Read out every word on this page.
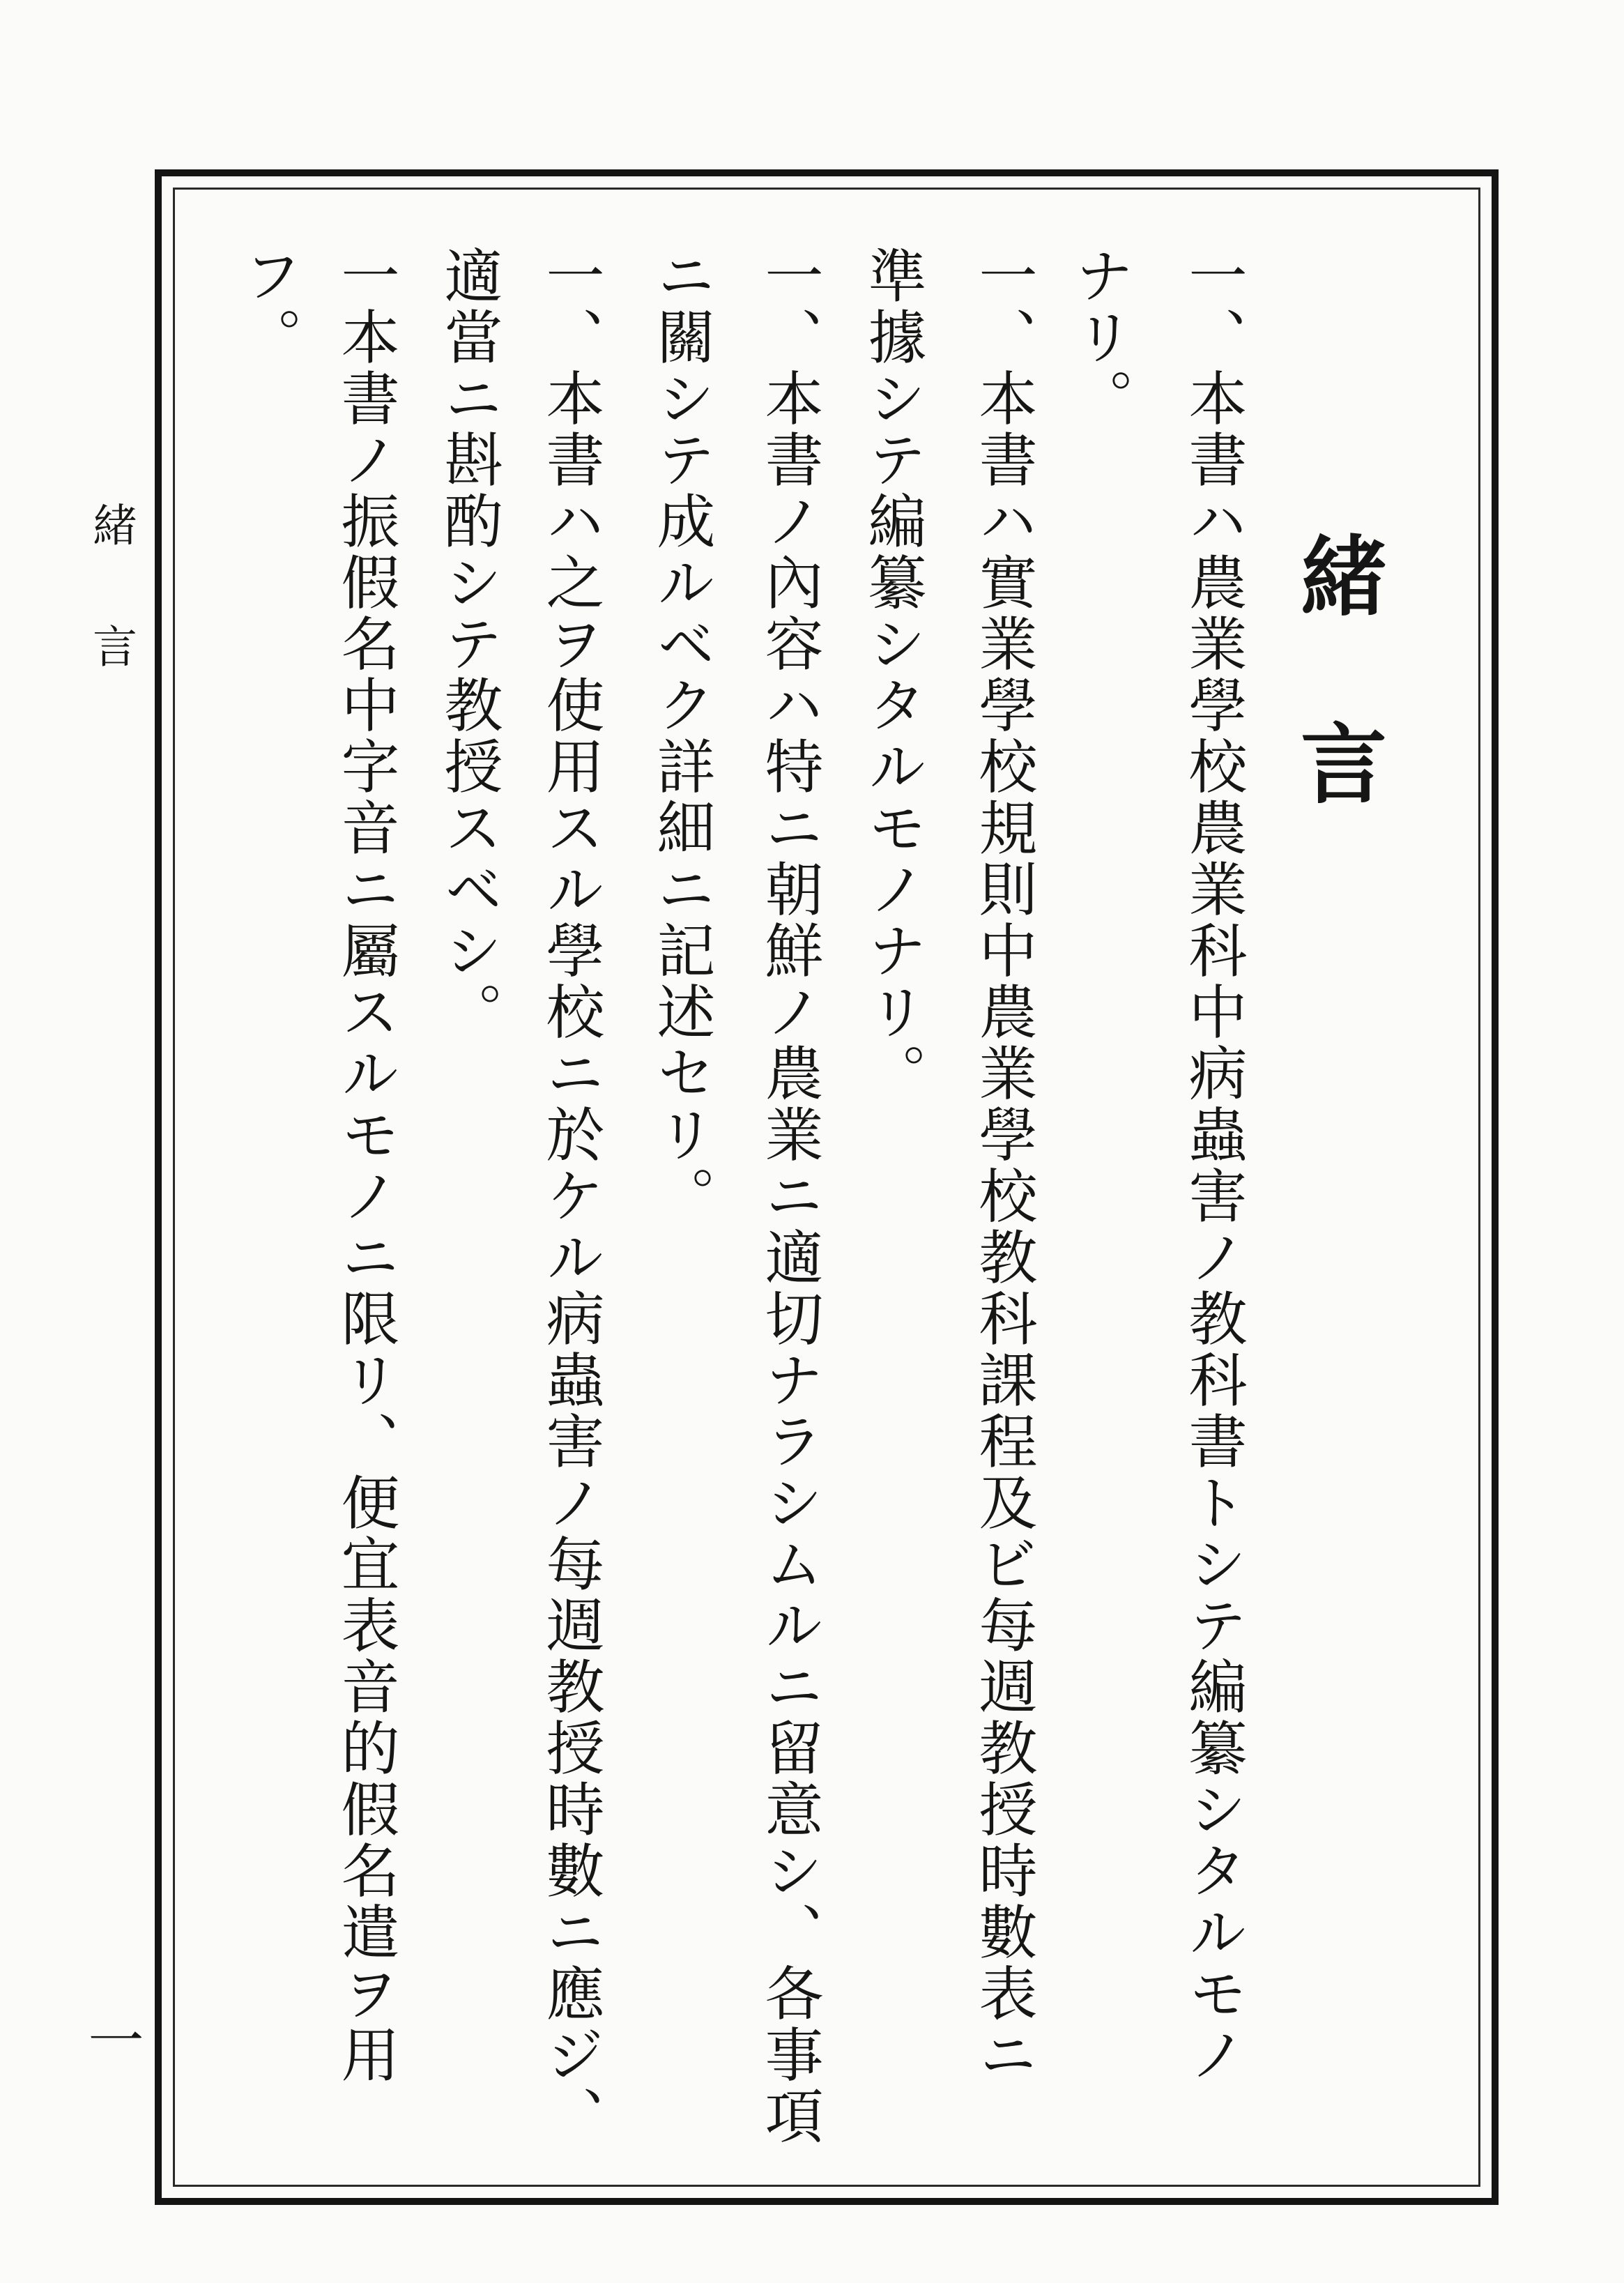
緒言
一
緒言
一、本書ハ農業學校農業科中病蟲害ノ教科書トシテ編纂シタルモノ
ナリ。
一、本書ハ實業學校規則中農業學校教科課程及ビ每週教授時數表ニ
準據シテ編纂シタルモノナリ。
一、本書ノ內容ハ特ニ朝鮮ノ農業ニ適切ナラシムルニ留意シ、各事項
ニ關シテ成ルベク詳細ニ記述セリ。
一、本書ハ之ヲ使用スル學校ニ於ケル病蟲害ノ每週教授時數ニ應ジ、
適當ニ斟酌シテ教授スベシ。
一本書ノ振假名中字音ニ屬スルモノニ限リ、便宜表音的假名遣ヲ用
フ。
